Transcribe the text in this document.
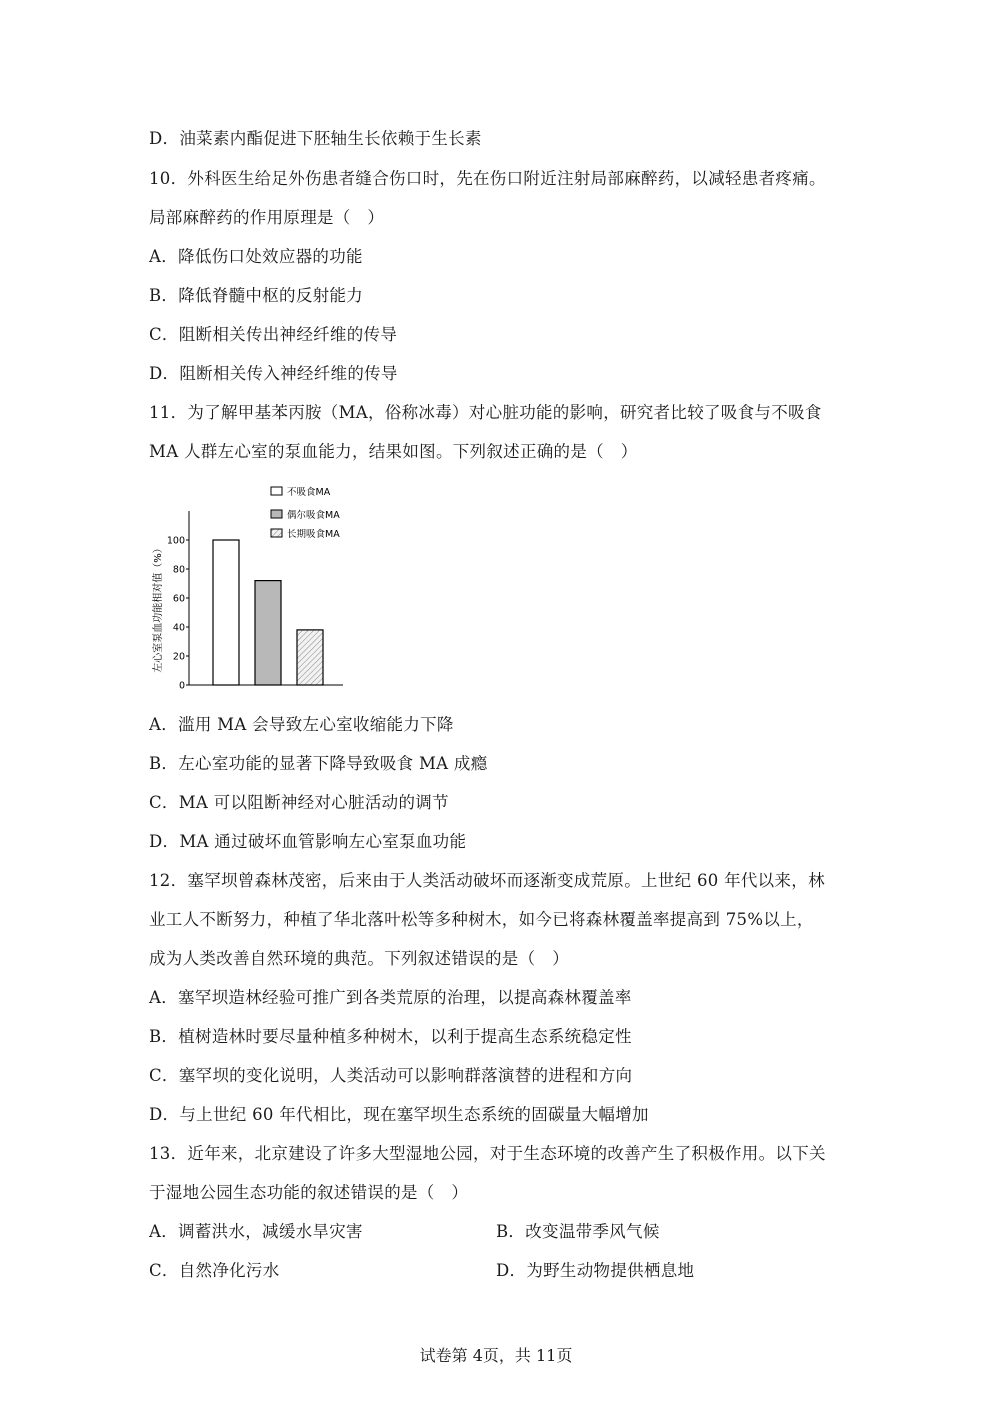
D．油菜素内酯促进下胚轴生长依赖于生长素
10．外科医生给足外伤患者缝合伤口时，先在伤口附近注射局部麻醉药，以减轻患者疼痛。
局部麻醉药的作用原理是（　）
A．降低伤口处效应器的功能
B．降低脊髓中枢的反射能力
C．阻断相关传出神经纤维的传导
D．阻断相关传入神经纤维的传导
11．为了解甲基苯丙胺（MA，俗称冰毒）对心脏功能的影响，研究者比较了吸食与不吸食
MA 人群左心室的泵血能力，结果如图。下列叙述正确的是（　）
不吸食MA
偶尔吸食MA
长期吸食MA
0
20
40
60
80
100
左心室泵血功能相对值（%）
A．滥用 MA 会导致左心室收缩能力下降
B．左心室功能的显著下降导致吸食 MA 成瘾
C．MA 可以阻断神经对心脏活动的调节
D．MA 通过破坏血管影响左心室泵血功能
12．塞罕坝曾森林茂密，后来由于人类活动破坏而逐渐变成荒原。上世纪 60 年代以来，林
业工人不断努力，种植了华北落叶松等多种树木，如今已将森林覆盖率提高到 75%以上，
成为人类改善自然环境的典范。下列叙述错误的是（　）
A．塞罕坝造林经验可推广到各类荒原的治理，以提高森林覆盖率
B．植树造林时要尽量种植多种树木，以利于提高生态系统稳定性
C．塞罕坝的变化说明，人类活动可以影响群落演替的进程和方向
D．与上世纪 60 年代相比，现在塞罕坝生态系统的固碳量大幅增加
13．近年来，北京建设了许多大型湿地公园，对于生态环境的改善产生了积极作用。以下关
于湿地公园生态功能的叙述错误的是（　）
A．调蓄洪水，减缓水旱灾害	B．改变温带季风气候
C．自然净化污水	D．为野生动物提供栖息地
试卷第 4页，共 11页
